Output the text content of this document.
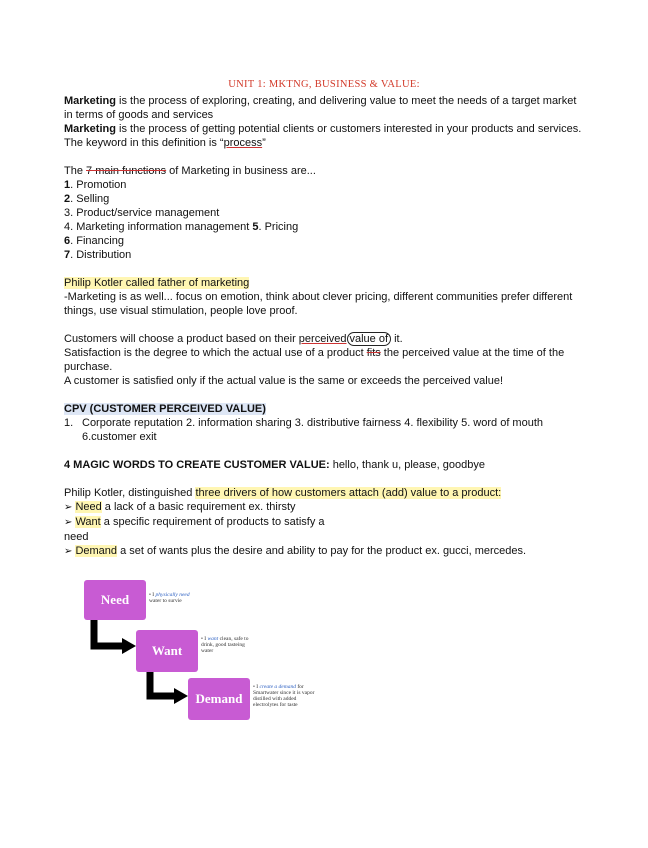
UNIT 1: MKTNG, BUSINESS & VALUE:

Marketing is the process of exploring, creating, and delivering value to meet the needs of a target market in terms of goods and services

Marketing is the process of getting potential clients or customers interested in your products and services. The keyword in this definition is “process”

The 7 main functions of Marketing in business are...

1. Promotion

2. Selling

3. Product/service management

4. Marketing information management 5. Pricing

6. Financing

7. Distribution

Philip Kotler called father of marketing

-Marketing is as well... focus on emotion, think about clever pricing, different communities prefer different things, use visual stimulation, people love proof.

Customers will choose a product based on their perceived value of it.

Satisfaction is the degree to which the actual use of a product fits the perceived value at the time of the purchase.

A customer is satisfied only if the actual value is the same or exceeds the perceived value!

CPV (CUSTOMER PERCEIVED VALUE)

1. Corporate reputation 2. information sharing 3. distributive fairness 4. flexibility 5. word of mouth 6.customer exit

4 MAGIC WORDS TO CREATE CUSTOMER VALUE: hello, thank u, please, goodbye

Philip Kotler, distinguished three drivers of how customers attach (add) value to a product:

➢ Need a lack of a basic requirement ex. thirsty

➢ Want a specific requirement of products to satisfy a

need

➢ Demand a set of wants plus the desire and ability to pay for the product ex. gucci, mercedes.

Need
Want
Demand
• I physically need water to survie
• I want clean, safe to drink, good tasteing water
• I create a demand for Smartwater since it is vapor distilled with added electrolytes for taste
